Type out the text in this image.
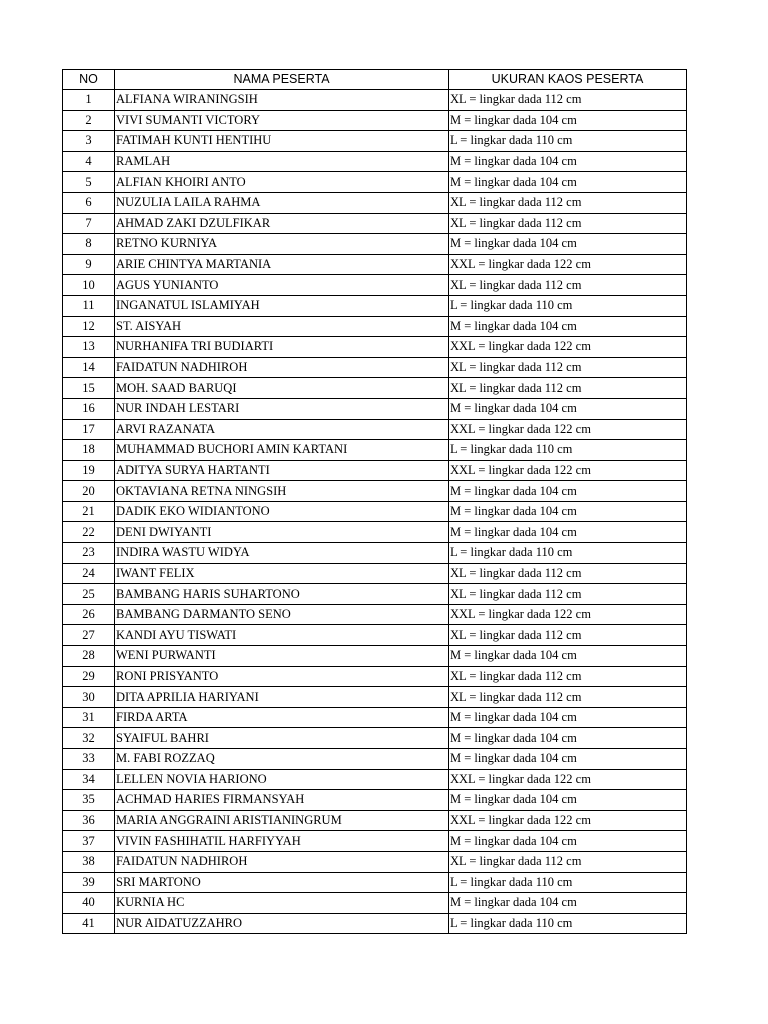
NO	NAMA PESERTA	UKURAN KAOS PESERTA
1	ALFIANA WIRANINGSIH	XL = lingkar dada 112 cm
2	VIVI SUMANTI VICTORY	M = lingkar dada 104 cm
3	FATIMAH KUNTI HENTIHU	L = lingkar dada 110 cm
4	RAMLAH	M = lingkar dada 104 cm
5	ALFIAN KHOIRI ANTO	M = lingkar dada 104 cm
6	NUZULIA LAILA RAHMA	XL = lingkar dada 112 cm
7	AHMAD ZAKI DZULFIKAR	XL = lingkar dada 112 cm
8	RETNO KURNIYA	M = lingkar dada 104 cm
9	ARIE CHINTYA MARTANIA	XXL = lingkar dada 122 cm
10	AGUS YUNIANTO	XL = lingkar dada 112 cm
11	INGANATUL ISLAMIYAH	L = lingkar dada 110 cm
12	ST. AISYAH	M = lingkar dada 104 cm
13	NURHANIFA TRI BUDIARTI	XXL = lingkar dada 122 cm
14	FAIDATUN NADHIROH	XL = lingkar dada 112 cm
15	MOH. SAAD BARUQI	XL = lingkar dada 112 cm
16	NUR INDAH LESTARI	M = lingkar dada 104 cm
17	ARVI RAZANATA	XXL = lingkar dada 122 cm
18	MUHAMMAD BUCHORI AMIN KARTANI	L = lingkar dada 110 cm
19	ADITYA SURYA HARTANTI	XXL = lingkar dada 122 cm
20	OKTAVIANA RETNA NINGSIH	M = lingkar dada 104 cm
21	DADIK EKO WIDIANTONO	M = lingkar dada 104 cm
22	DENI DWIYANTI	M = lingkar dada 104 cm
23	INDIRA WASTU WIDYA	L = lingkar dada 110 cm
24	IWANT FELIX	XL = lingkar dada 112 cm
25	BAMBANG HARIS SUHARTONO	XL = lingkar dada 112 cm
26	BAMBANG DARMANTO SENO	XXL = lingkar dada 122 cm
27	KANDI AYU TISWATI	XL = lingkar dada 112 cm
28	WENI PURWANTI	M = lingkar dada 104 cm
29	RONI PRISYANTO	XL = lingkar dada 112 cm
30	DITA APRILIA HARIYANI	XL = lingkar dada 112 cm
31	FIRDA ARTA	M = lingkar dada 104 cm
32	SYAIFUL BAHRI	M = lingkar dada 104 cm
33	M. FABI ROZZAQ	M = lingkar dada 104 cm
34	LELLEN NOVIA HARIONO	XXL = lingkar dada 122 cm
35	ACHMAD HARIES FIRMANSYAH	M = lingkar dada 104 cm
36	MARIA ANGGRAINI ARISTIANINGRUM	XXL = lingkar dada 122 cm
37	VIVIN FASHIHATIL HARFIYYAH	M = lingkar dada 104 cm
38	FAIDATUN NADHIROH	XL = lingkar dada 112 cm
39	SRI MARTONO	L = lingkar dada 110 cm
40	KURNIA HC	M = lingkar dada 104 cm
41	NUR AIDATUZZAHRO	L = lingkar dada 110 cm
